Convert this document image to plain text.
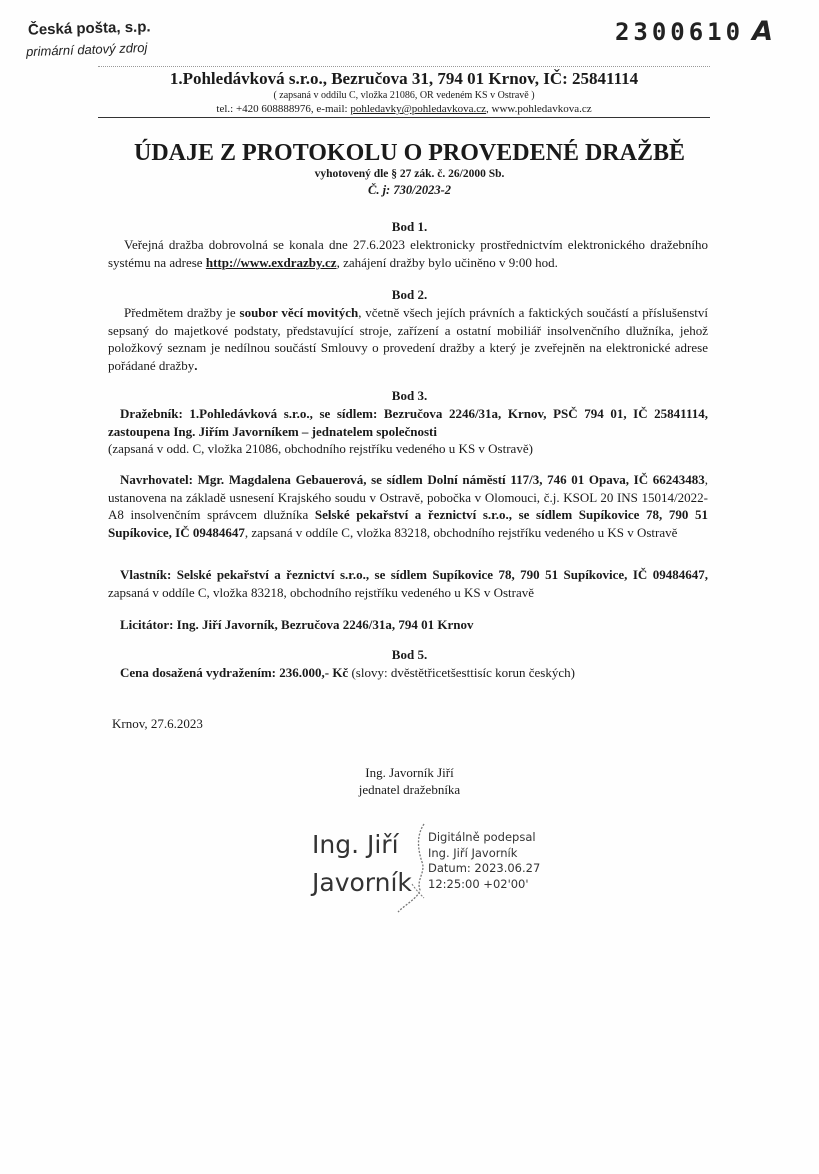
Česká pošta, s.p.
primární datový zdroj
2300610 A
1.Pohledávková s.r.o., Bezručova 31, 794 01 Krnov, IČ: 25841114
( zapsaná v oddílu C, vložka 21086, OR vedeném KS v Ostravě )
tel.: +420 608888976, e-mail: pohledavky@pohledavkova.cz, www.pohledavkova.cz
ÚDAJE Z PROTOKOLU O PROVEDENÉ DRAŽBĚ
vyhotovený dle § 27 zák. č. 26/2000 Sb.
Č. j: 730/2023-2
Bod 1.
Veřejná dražba dobrovolná se konala dne 27.6.2023 elektronicky prostřednictvím elektronického dražebního systému na adrese http://www.exdrazby.cz, zahájení dražby bylo učiněno v 9:00 hod.
Bod 2.
Předmětem dražby je soubor věcí movitých, včetně všech jejích právních a faktických součástí a příslušenství sepsaný do majetkové podstaty, představující stroje, zařízení a ostatní mobiliář insolvenčního dlužníka, jehož položkový seznam je nedílnou součástí Smlouvy o provedení dražby a který je zveřejněn na elektronické adrese pořádané dražby.
Bod 3.
Dražebník: 1.Pohledávková s.r.o., se sídlem: Bezručova 2246/31a, Krnov, PSČ 794 01, IČ 25841114, zastoupena Ing. Jiřím Javorníkem – jednatelem společnosti
(zapsaná v odd. C, vložka 21086, obchodního rejstříku vedeného u KS v Ostravě)
Navrhovatel: Mgr. Magdalena Gebauerová, se sídlem Dolní náměstí 117/3, 746 01 Opava, IČ 66243483, ustanovena na základě usnesení Krajského soudu v Ostravě, pobočka v Olomouci, č.j. KSOL 20 INS 15014/2022-A8 insolvenčním správcem dlužníka Selské pekařství a řeznictví s.r.o., se sídlem Supíkovice 78, 790 51 Supíkovice, IČ 09484647, zapsaná v oddíle C, vložka 83218, obchodního rejstříku vedeného u KS v Ostravě
Vlastník: Selské pekařství a řeznictví s.r.o., se sídlem Supíkovice 78, 790 51 Supíkovice, IČ 09484647, zapsaná v oddíle C, vložka 83218, obchodního rejstříku vedeného u KS v Ostravě
Licitátor: Ing. Jiří Javorník, Bezručova 2246/31a, 794 01 Krnov
Bod 5.
Cena dosažená vydražením: 236.000,- Kč (slovy: dvěstětřicetšesttisíc korun českých)
Krnov, 27.6.2023
Ing. Javorník Jiří
jednatel dražebníka
Ing. Jiří
Javorník
Digitálně podepsal
Ing. Jiří Javorník
Datum: 2023.06.27
12:25:00 +02'00'
